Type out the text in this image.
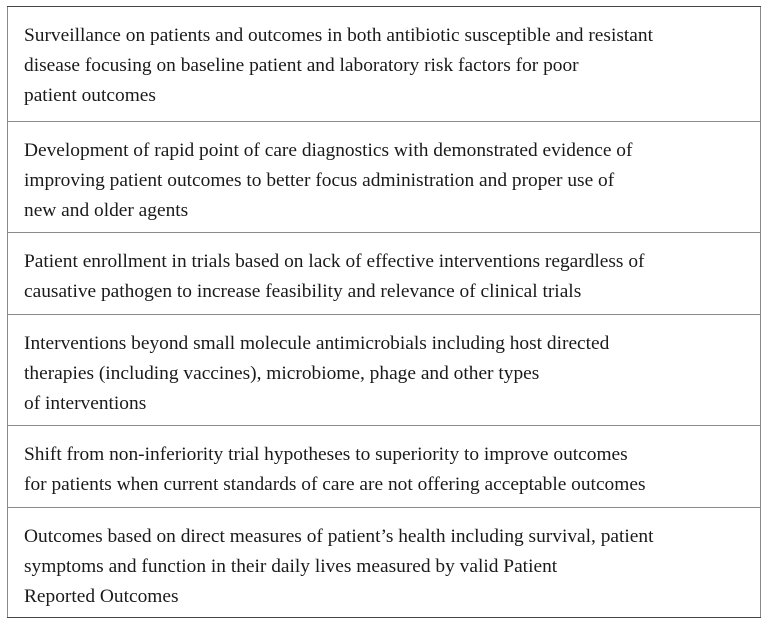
Surveillance on patients and outcomes in both antibiotic susceptible and resistant
disease focusing on baseline patient and laboratory risk factors for poor
patient outcomes
Development of rapid point of care diagnostics with demonstrated evidence of
improving patient outcomes to better focus administration and proper use of
new and older agents
Patient enrollment in trials based on lack of effective interventions regardless of
causative pathogen to increase feasibility and relevance of clinical trials
Interventions beyond small molecule antimicrobials including host directed
therapies (including vaccines), microbiome, phage and other types
of interventions
Shift from non-inferiority trial hypotheses to superiority to improve outcomes
for patients when current standards of care are not offering acceptable outcomes
Outcomes based on direct measures of patient’s health including survival, patient
symptoms and function in their daily lives measured by valid Patient
Reported Outcomes
